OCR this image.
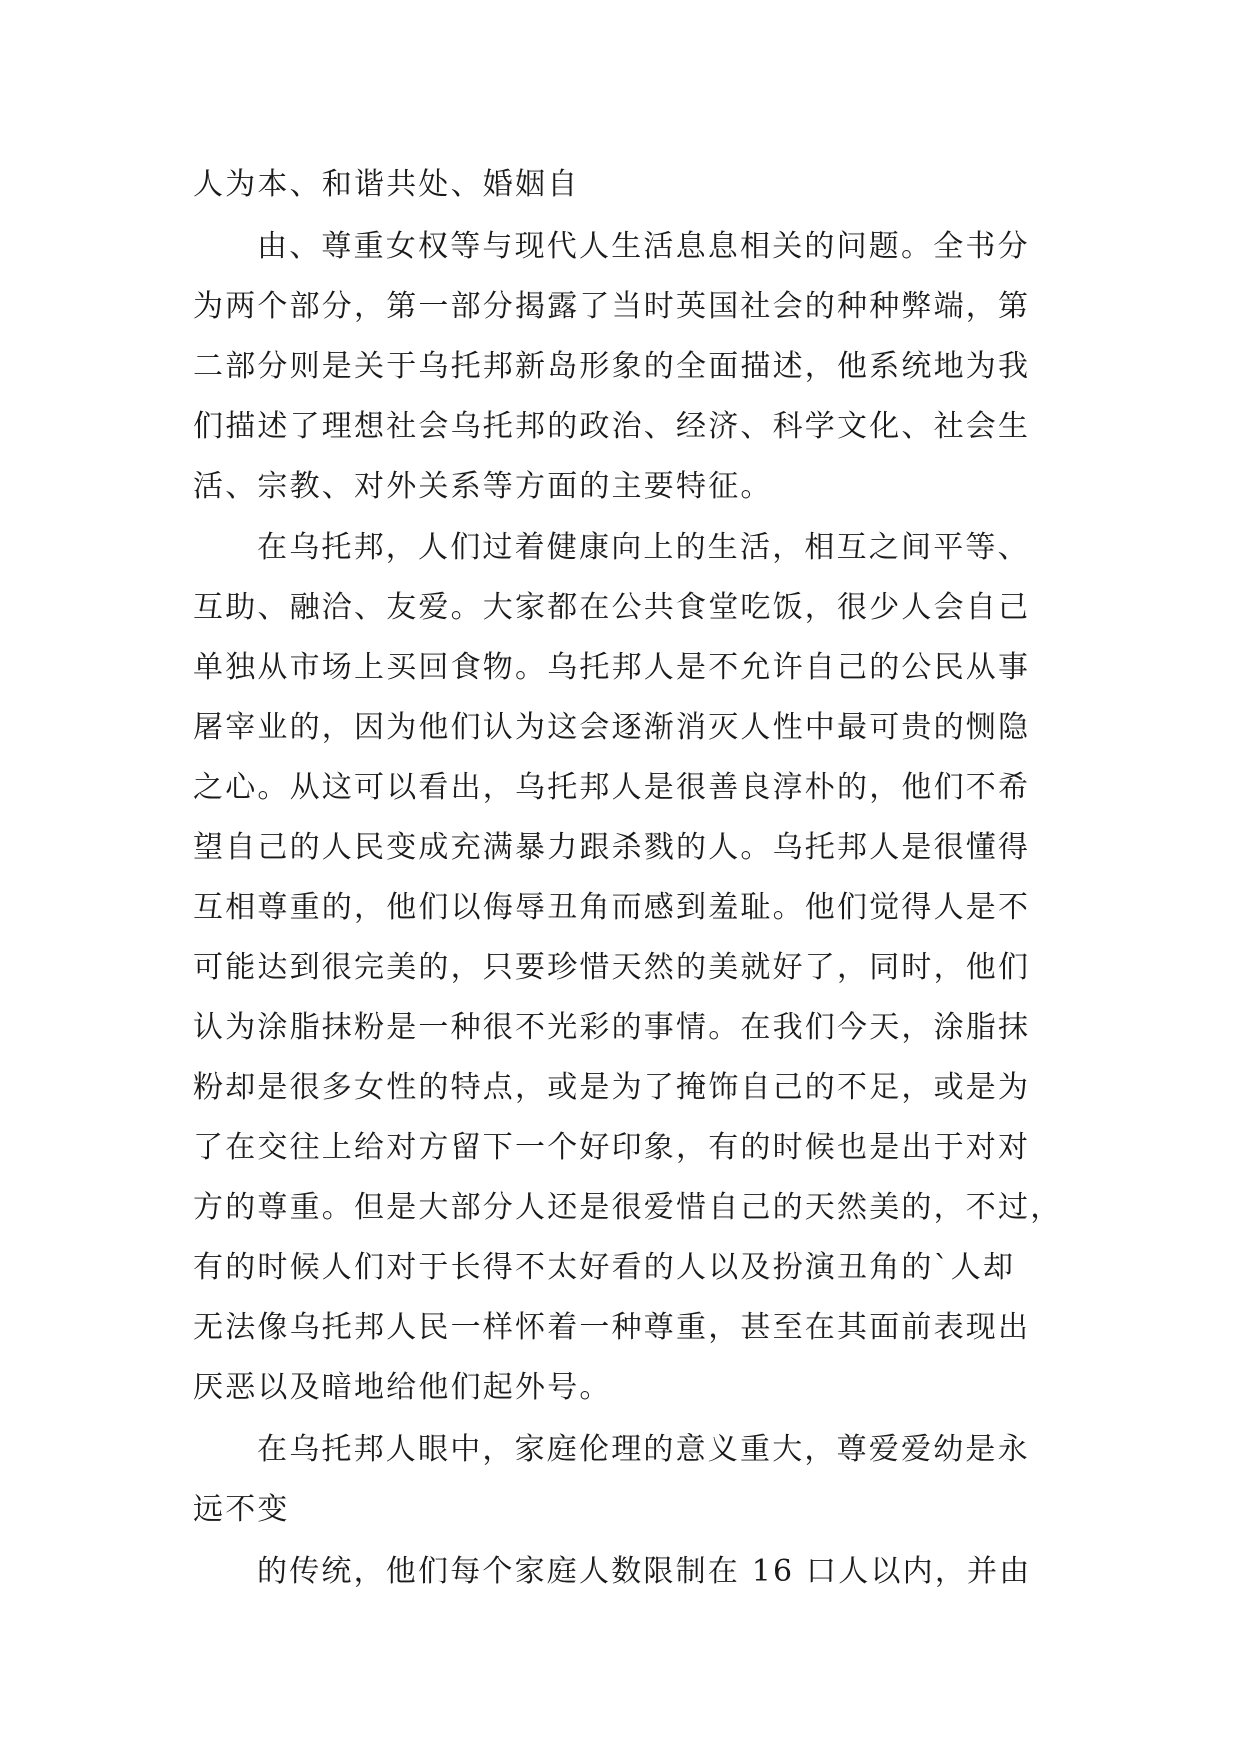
人为本、和谐共处、婚姻自

由、尊重女权等与现代人生活息息相关的问题。全书分

为两个部分，第一部分揭露了当时英国社会的种种弊端，第

二部分则是关于乌托邦新岛形象的全面描述，他系统地为我

们描述了理想社会乌托邦的政治、经济、科学文化、社会生

活、宗教、对外关系等方面的主要特征。

在乌托邦，人们过着健康向上的生活，相互之间平等、

互助、融洽、友爱。大家都在公共食堂吃饭，很少人会自己

单独从市场上买回食物。乌托邦人是不允许自己的公民从事

屠宰业的，因为他们认为这会逐渐消灭人性中最可贵的恻隐

之心。从这可以看出，乌托邦人是很善良淳朴的，他们不希

望自己的人民变成充满暴力跟杀戮的人。乌托邦人是很懂得

互相尊重的，他们以侮辱丑角而感到羞耻。他们觉得人是不

可能达到很完美的，只要珍惜天然的美就好了，同时，他们

认为涂脂抹粉是一种很不光彩的事情。在我们今天，涂脂抹

粉却是很多女性的特点，或是为了掩饰自己的不足，或是为

了在交往上给对方留下一个好印象，有的时候也是出于对对

方的尊重。但是大部分人还是很爱惜自己的天然美的，不过，

有的时候人们对于长得不太好看的人以及扮演丑角的`人却

无法像乌托邦人民一样怀着一种尊重，甚至在其面前表现出

厌恶以及暗地给他们起外号。

在乌托邦人眼中，家庭伦理的意义重大，尊爱爱幼是永

远不变

的传统，他们每个家庭人数限制在 16 口人以内，并由
